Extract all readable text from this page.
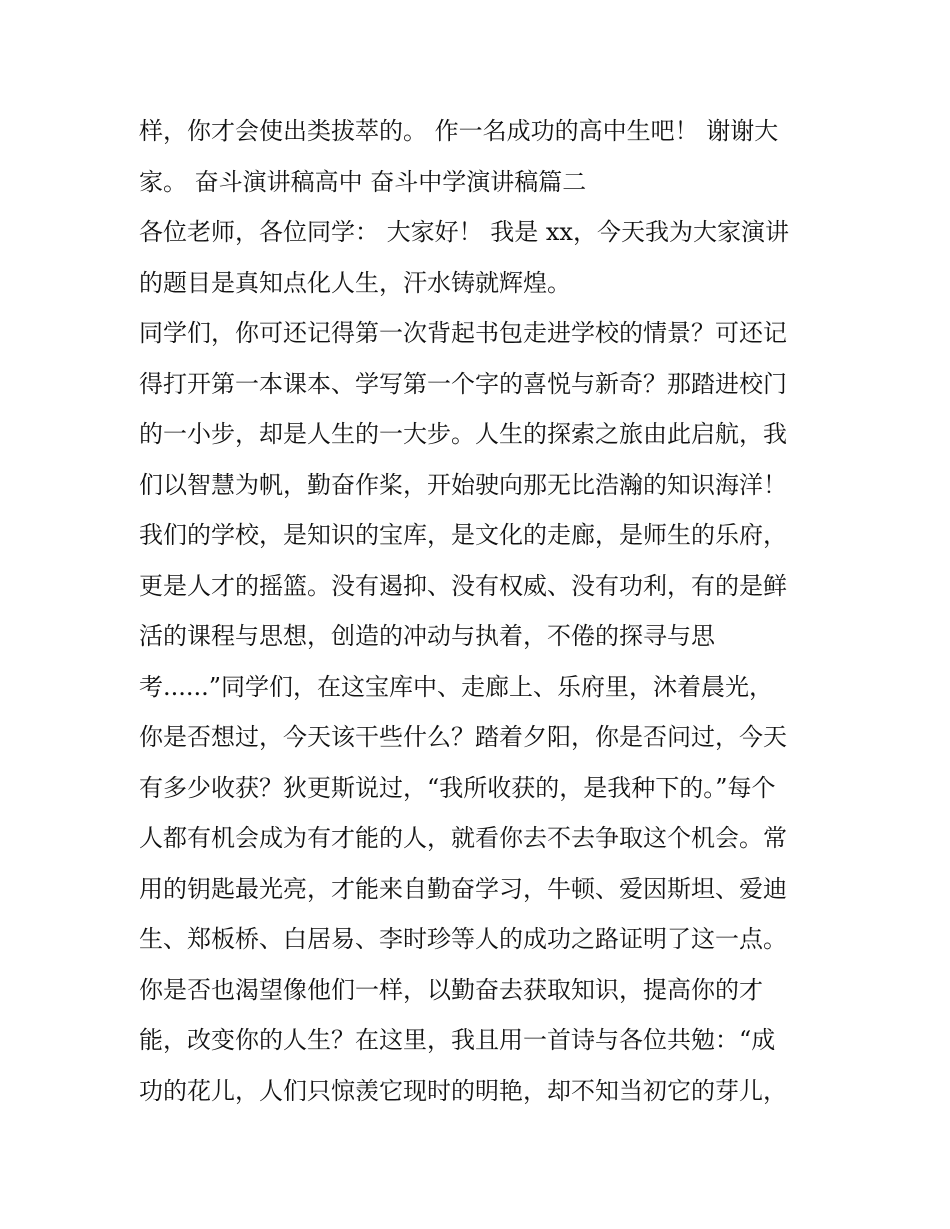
样，你才会使出类拔萃的。 作一名成功的高中生吧！ 谢谢大
家。 奋斗演讲稿高中 奋斗中学演讲稿篇二
各位老师，各位同学： 大家好！ 我是 xx，今天我为大家演讲
的题目是真知点化人生，汗水铸就辉煌。
同学们，你可还记得第一次背起书包走进学校的情景？可还记
得打开第一本课本、学写第一个字的喜悦与新奇？那踏进校门
的一小步，却是人生的一大步。人生的探索之旅由此启航，我
们以智慧为帆，勤奋作桨，开始驶向那无比浩瀚的知识海洋！
我们的学校，是知识的宝库，是文化的走廊，是师生的乐府，
更是人才的摇篮。没有遏抑、没有权威、没有功利，有的是鲜
活的课程与思想，创造的冲动与执着，不倦的探寻与思
考......”同学们，在这宝库中、走廊上、乐府里，沐着晨光，
你是否想过，今天该干些什么？踏着夕阳，你是否问过，今天
有多少收获？狄更斯说过，“我所收获的，是我种下的。”每个
人都有机会成为有才能的人，就看你去不去争取这个机会。常
用的钥匙最光亮，才能来自勤奋学习，牛顿、爱因斯坦、爱迪
生、郑板桥、白居易、李时珍等人的成功之路证明了这一点。
你是否也渴望像他们一样，以勤奋去获取知识，提高你的才
能，改变你的人生？在这里，我且用一首诗与各位共勉：“成
功的花儿，人们只惊羡它现时的明艳，却不知当初它的芽儿，
